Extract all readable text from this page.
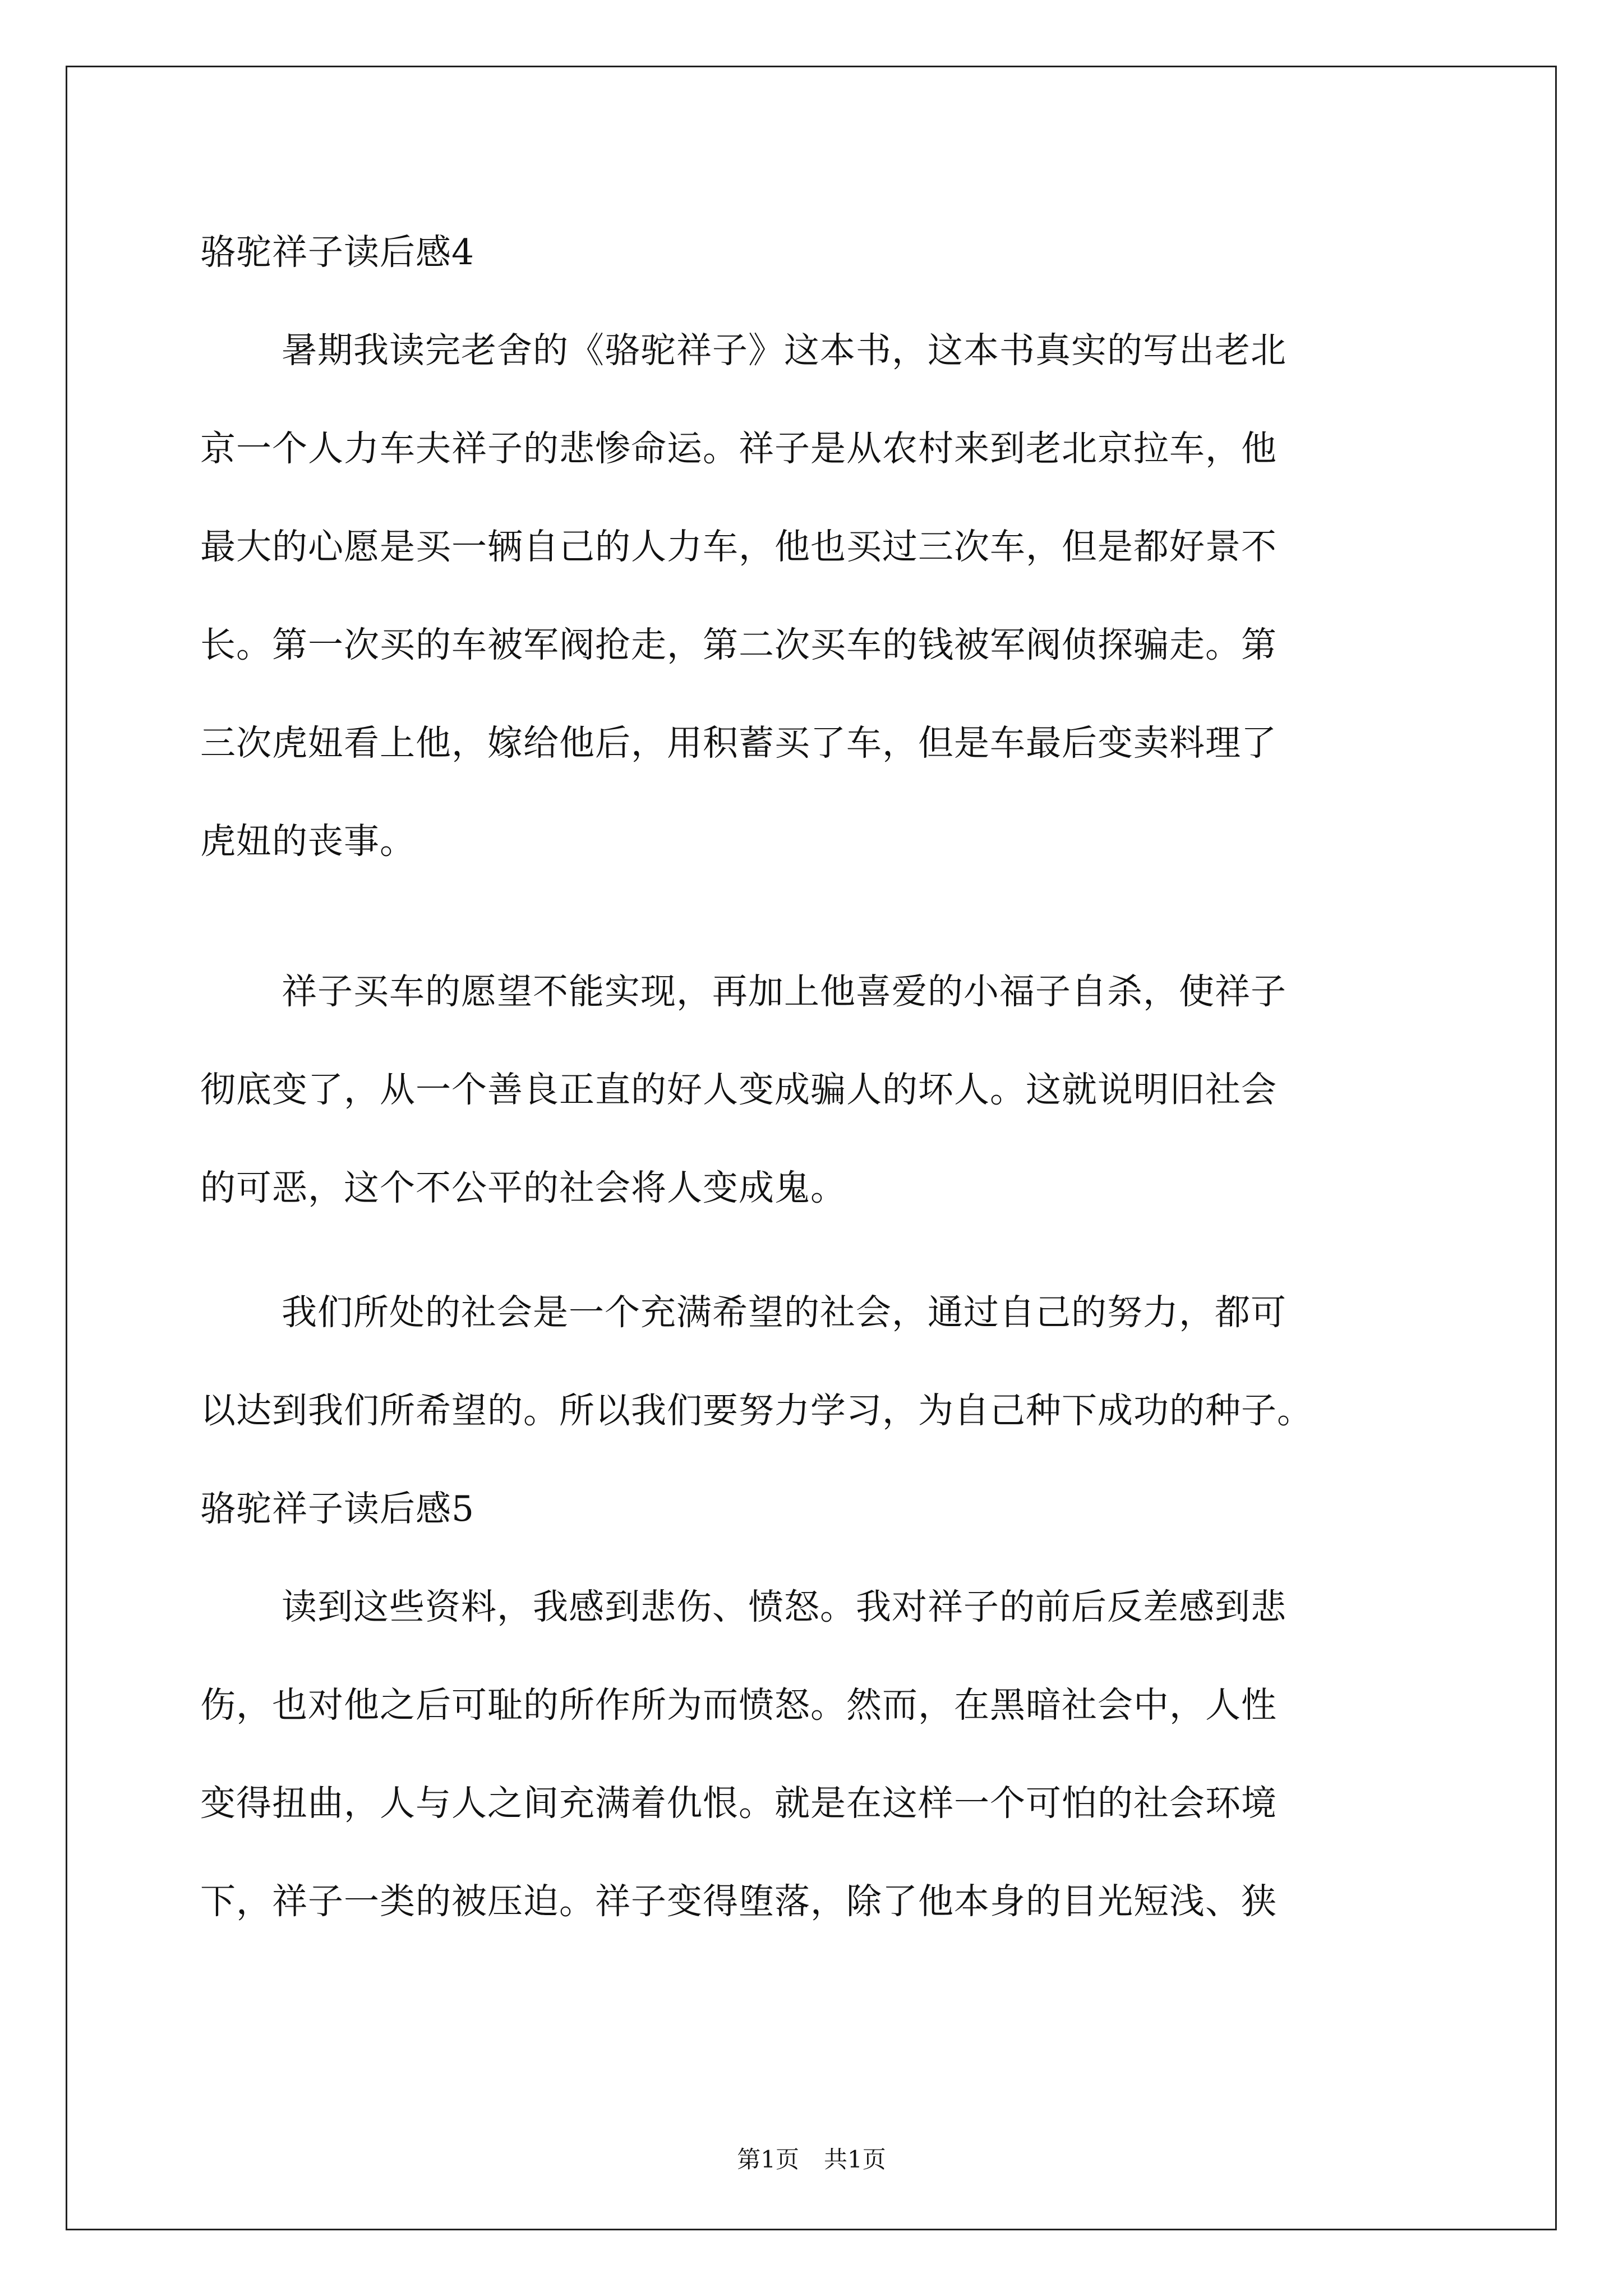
骆驼祥子读后感4
暑期我读完老舍的《骆驼祥子》这本书，这本书真实的写出老北
京一个人力车夫祥子的悲惨命运。祥子是从农村来到老北京拉车，他
最大的心愿是买一辆自己的人力车，他也买过三次车，但是都好景不
长。第一次买的车被军阀抢走，第二次买车的钱被军阀侦探骗走。第
三次虎妞看上他，嫁给他后，用积蓄买了车，但是车最后变卖料理了
虎妞的丧事。
祥子买车的愿望不能实现，再加上他喜爱的小福子自杀，使祥子
彻底变了，从一个善良正直的好人变成骗人的坏人。这就说明旧社会
的可恶，这个不公平的社会将人变成鬼。
我们所处的社会是一个充满希望的社会，通过自己的努力，都可
以达到我们所希望的。所以我们要努力学习，为自己种下成功的种子。
骆驼祥子读后感5
读到这些资料，我感到悲伤、愤怒。我对祥子的前后反差感到悲
伤，也对他之后可耻的所作所为而愤怒。然而，在黑暗社会中，人性
变得扭曲，人与人之间充满着仇恨。就是在这样一个可怕的社会环境
下，祥子一类的被压迫。祥子变得堕落，除了他本身的目光短浅、狭
第1页 共1页
